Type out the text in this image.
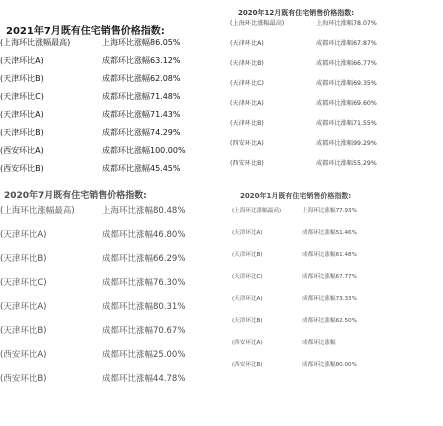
2021年7月既有住宅销售价格指数:
(上海环比涨幅最高)	上海环比涨幅86.05%
(天津环比A)	成都环比涨幅63.12%
(天津环比B)	成都环比涨幅62.08%
(天津环比C)	成都环比涨幅71.48%
(天津环比A)	成都环比涨幅71.43%
(天津环比B)	成都环比涨幅74.29%
(西安环比A)	成都环比涨幅100.00%
(西安环比B)	成都环比涨幅45.45%
2020年12月既有住宅销售价格指数:
(上海环比涨幅最高)	上海环比涨幅78.07%
(天津环比A)	成都环比涨幅67.87%
(天津环比B)	成都环比涨幅66.77%
(天津环比C)	成都环比涨幅69.35%
(天津环比A)	成都环比涨幅69.60%
(天津环比B)	成都环比涨幅71.55%
(西安环比A)	成都环比涨幅99.29%
(西安环比B)	成都环比涨幅55.29%
2020年7月既有住宅销售价格指数:
(上海环比涨幅最高)	上海环比涨幅80.48%
(天津环比A)	成都环比涨幅46.80%
(天津环比B)	成都环比涨幅66.29%
(天津环比C)	成都环比涨幅76.30%
(天津环比A)	成都环比涨幅80.31%
(天津环比B)	成都环比涨幅70.67%
(西安环比A)	成都环比涨幅25.00%
(西安环比B)	成都环比涨幅44.78%
2020年1月既有住宅销售价格指数:
(上海环比涨幅最高)	上海环比涨幅77.93%
(天津环比A)	成都环比涨幅51.46%
(天津环比B)	成都环比涨幅61.48%
(天津环比C)	成都环比涨幅67.77%
(天津环比A)	成都环比涨幅73.33%
(天津环比B)	成都环比涨幅62.50%
(西安环比A)	成都环比涨幅
(西安环比B)	成都环比涨幅80.00%
